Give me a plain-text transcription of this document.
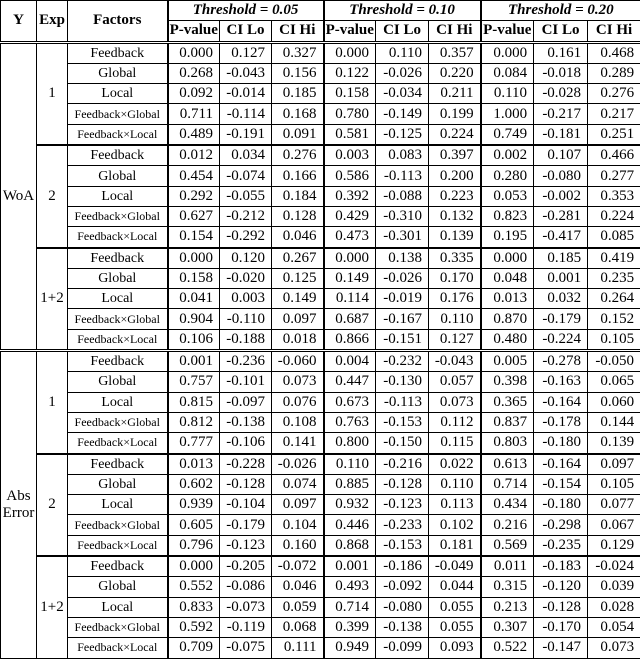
Y	Exp	Factors	Threshold = 0.05			Threshold = 0.10			Threshold = 0.20		
			P-value	CI Lo	CI Hi	P-value	CI Lo	CI Hi	P-value	CI Lo	CI Hi
WoA	1	Feedback	0.000	0.127	0.327	0.000	0.110	0.357	0.000	0.161	0.468
		Global	0.268	-0.043	0.156	0.122	-0.026	0.220	0.084	-0.018	0.289
		Local	0.092	-0.014	0.185	0.158	-0.034	0.211	0.110	-0.028	0.276
		Feedback×Global	0.711	-0.114	0.168	0.780	-0.149	0.199	1.000	-0.217	0.217
		Feedback×Local	0.489	-0.191	0.091	0.581	-0.125	0.224	0.749	-0.181	0.251
	2	Feedback	0.012	0.034	0.276	0.003	0.083	0.397	0.002	0.107	0.466
		Global	0.454	-0.074	0.166	0.586	-0.113	0.200	0.280	-0.080	0.277
		Local	0.292	-0.055	0.184	0.392	-0.088	0.223	0.053	-0.002	0.353
		Feedback×Global	0.627	-0.212	0.128	0.429	-0.310	0.132	0.823	-0.281	0.224
		Feedback×Local	0.154	-0.292	0.046	0.473	-0.301	0.139	0.195	-0.417	0.085
	1+2	Feedback	0.000	0.120	0.267	0.000	0.138	0.335	0.000	0.185	0.419
		Global	0.158	-0.020	0.125	0.149	-0.026	0.170	0.048	0.001	0.235
		Local	0.041	0.003	0.149	0.114	-0.019	0.176	0.013	0.032	0.264
		Feedback×Global	0.904	-0.110	0.097	0.687	-0.167	0.110	0.870	-0.179	0.152
		Feedback×Local	0.106	-0.188	0.018	0.866	-0.151	0.127	0.480	-0.224	0.105
Abs Error	1	Feedback	0.001	-0.236	-0.060	0.004	-0.232	-0.043	0.005	-0.278	-0.050
		Global	0.757	-0.101	0.073	0.447	-0.130	0.057	0.398	-0.163	0.065
		Local	0.815	-0.097	0.076	0.673	-0.113	0.073	0.365	-0.164	0.060
		Feedback×Global	0.812	-0.138	0.108	0.763	-0.153	0.112	0.837	-0.178	0.144
		Feedback×Local	0.777	-0.106	0.141	0.800	-0.150	0.115	0.803	-0.180	0.139
	2	Feedback	0.013	-0.228	-0.026	0.110	-0.216	0.022	0.613	-0.164	0.097
		Global	0.602	-0.128	0.074	0.885	-0.128	0.110	0.714	-0.154	0.105
		Local	0.939	-0.104	0.097	0.932	-0.123	0.113	0.434	-0.180	0.077
		Feedback×Global	0.605	-0.179	0.104	0.446	-0.233	0.102	0.216	-0.298	0.067
		Feedback×Local	0.796	-0.123	0.160	0.868	-0.153	0.181	0.569	-0.235	0.129
	1+2	Feedback	0.000	-0.205	-0.072	0.001	-0.186	-0.049	0.011	-0.183	-0.024
		Global	0.552	-0.086	0.046	0.493	-0.092	0.044	0.315	-0.120	0.039
		Local	0.833	-0.073	0.059	0.714	-0.080	0.055	0.213	-0.128	0.028
		Feedback×Global	0.592	-0.119	0.068	0.399	-0.138	0.055	0.307	-0.170	0.054
		Feedback×Local	0.709	-0.075	0.111	0.949	-0.099	0.093	0.522	-0.147	0.073
